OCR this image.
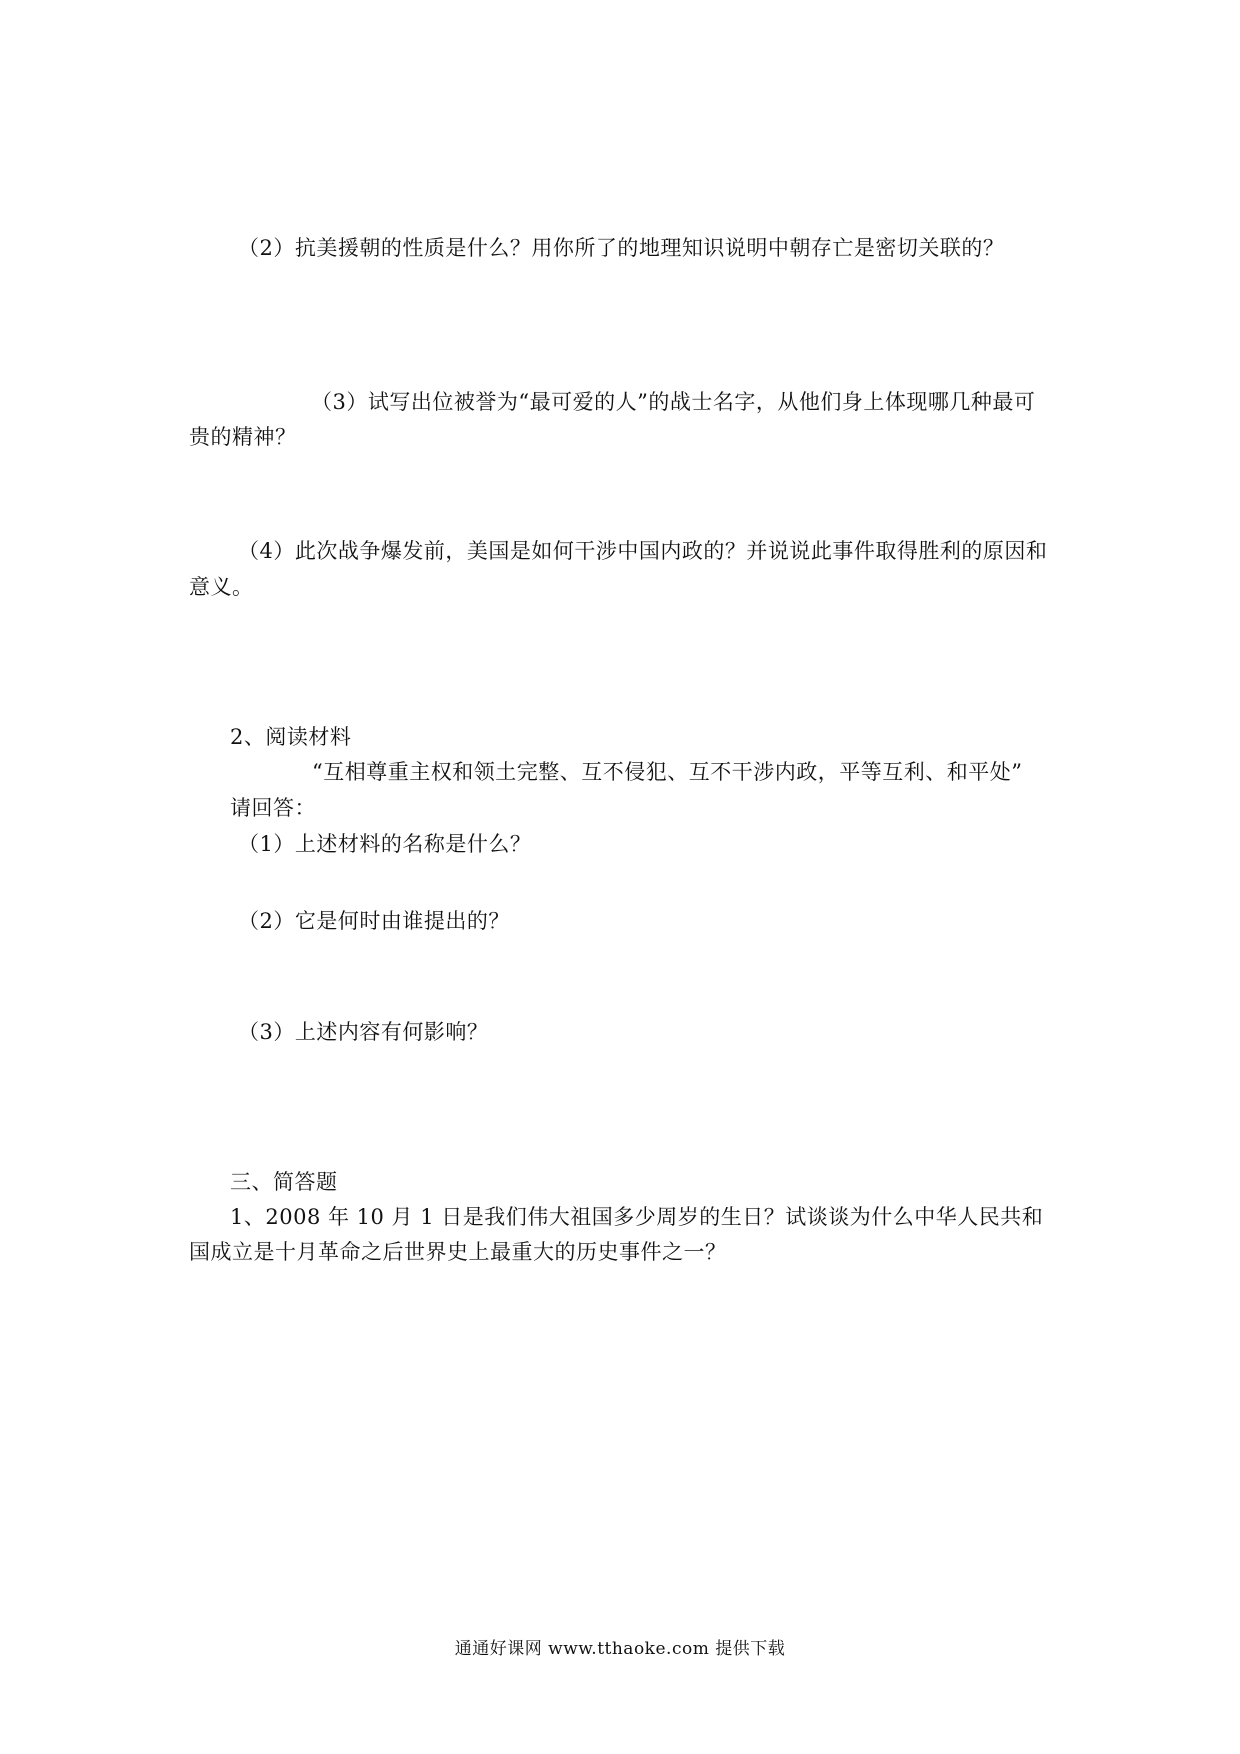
（2）抗美援朝的性质是什么？用你所了的地理知识说明中朝存亡是密切关联的？
（3）试写出位被誉为“最可爱的人”的战士名字，从他们身上体现哪几种最可
贵的精神？
（4）此次战争爆发前，美国是如何干涉中国内政的？并说说此事件取得胜利的原因和
意义。
2、阅读材料
“互相尊重主权和领土完整、互不侵犯、互不干涉内政，平等互利、和平处”
请回答：
（1）上述材料的名称是什么？
（2）它是何时由谁提出的？
（3）上述内容有何影响？
三、简答题
1、2008 年 10 月 1 日是我们伟大祖国多少周岁的生日？试谈谈为什么中华人民共和
国成立是十月革命之后世界史上最重大的历史事件之一？
通通好课网 www.tthaoke.com 提供下载
